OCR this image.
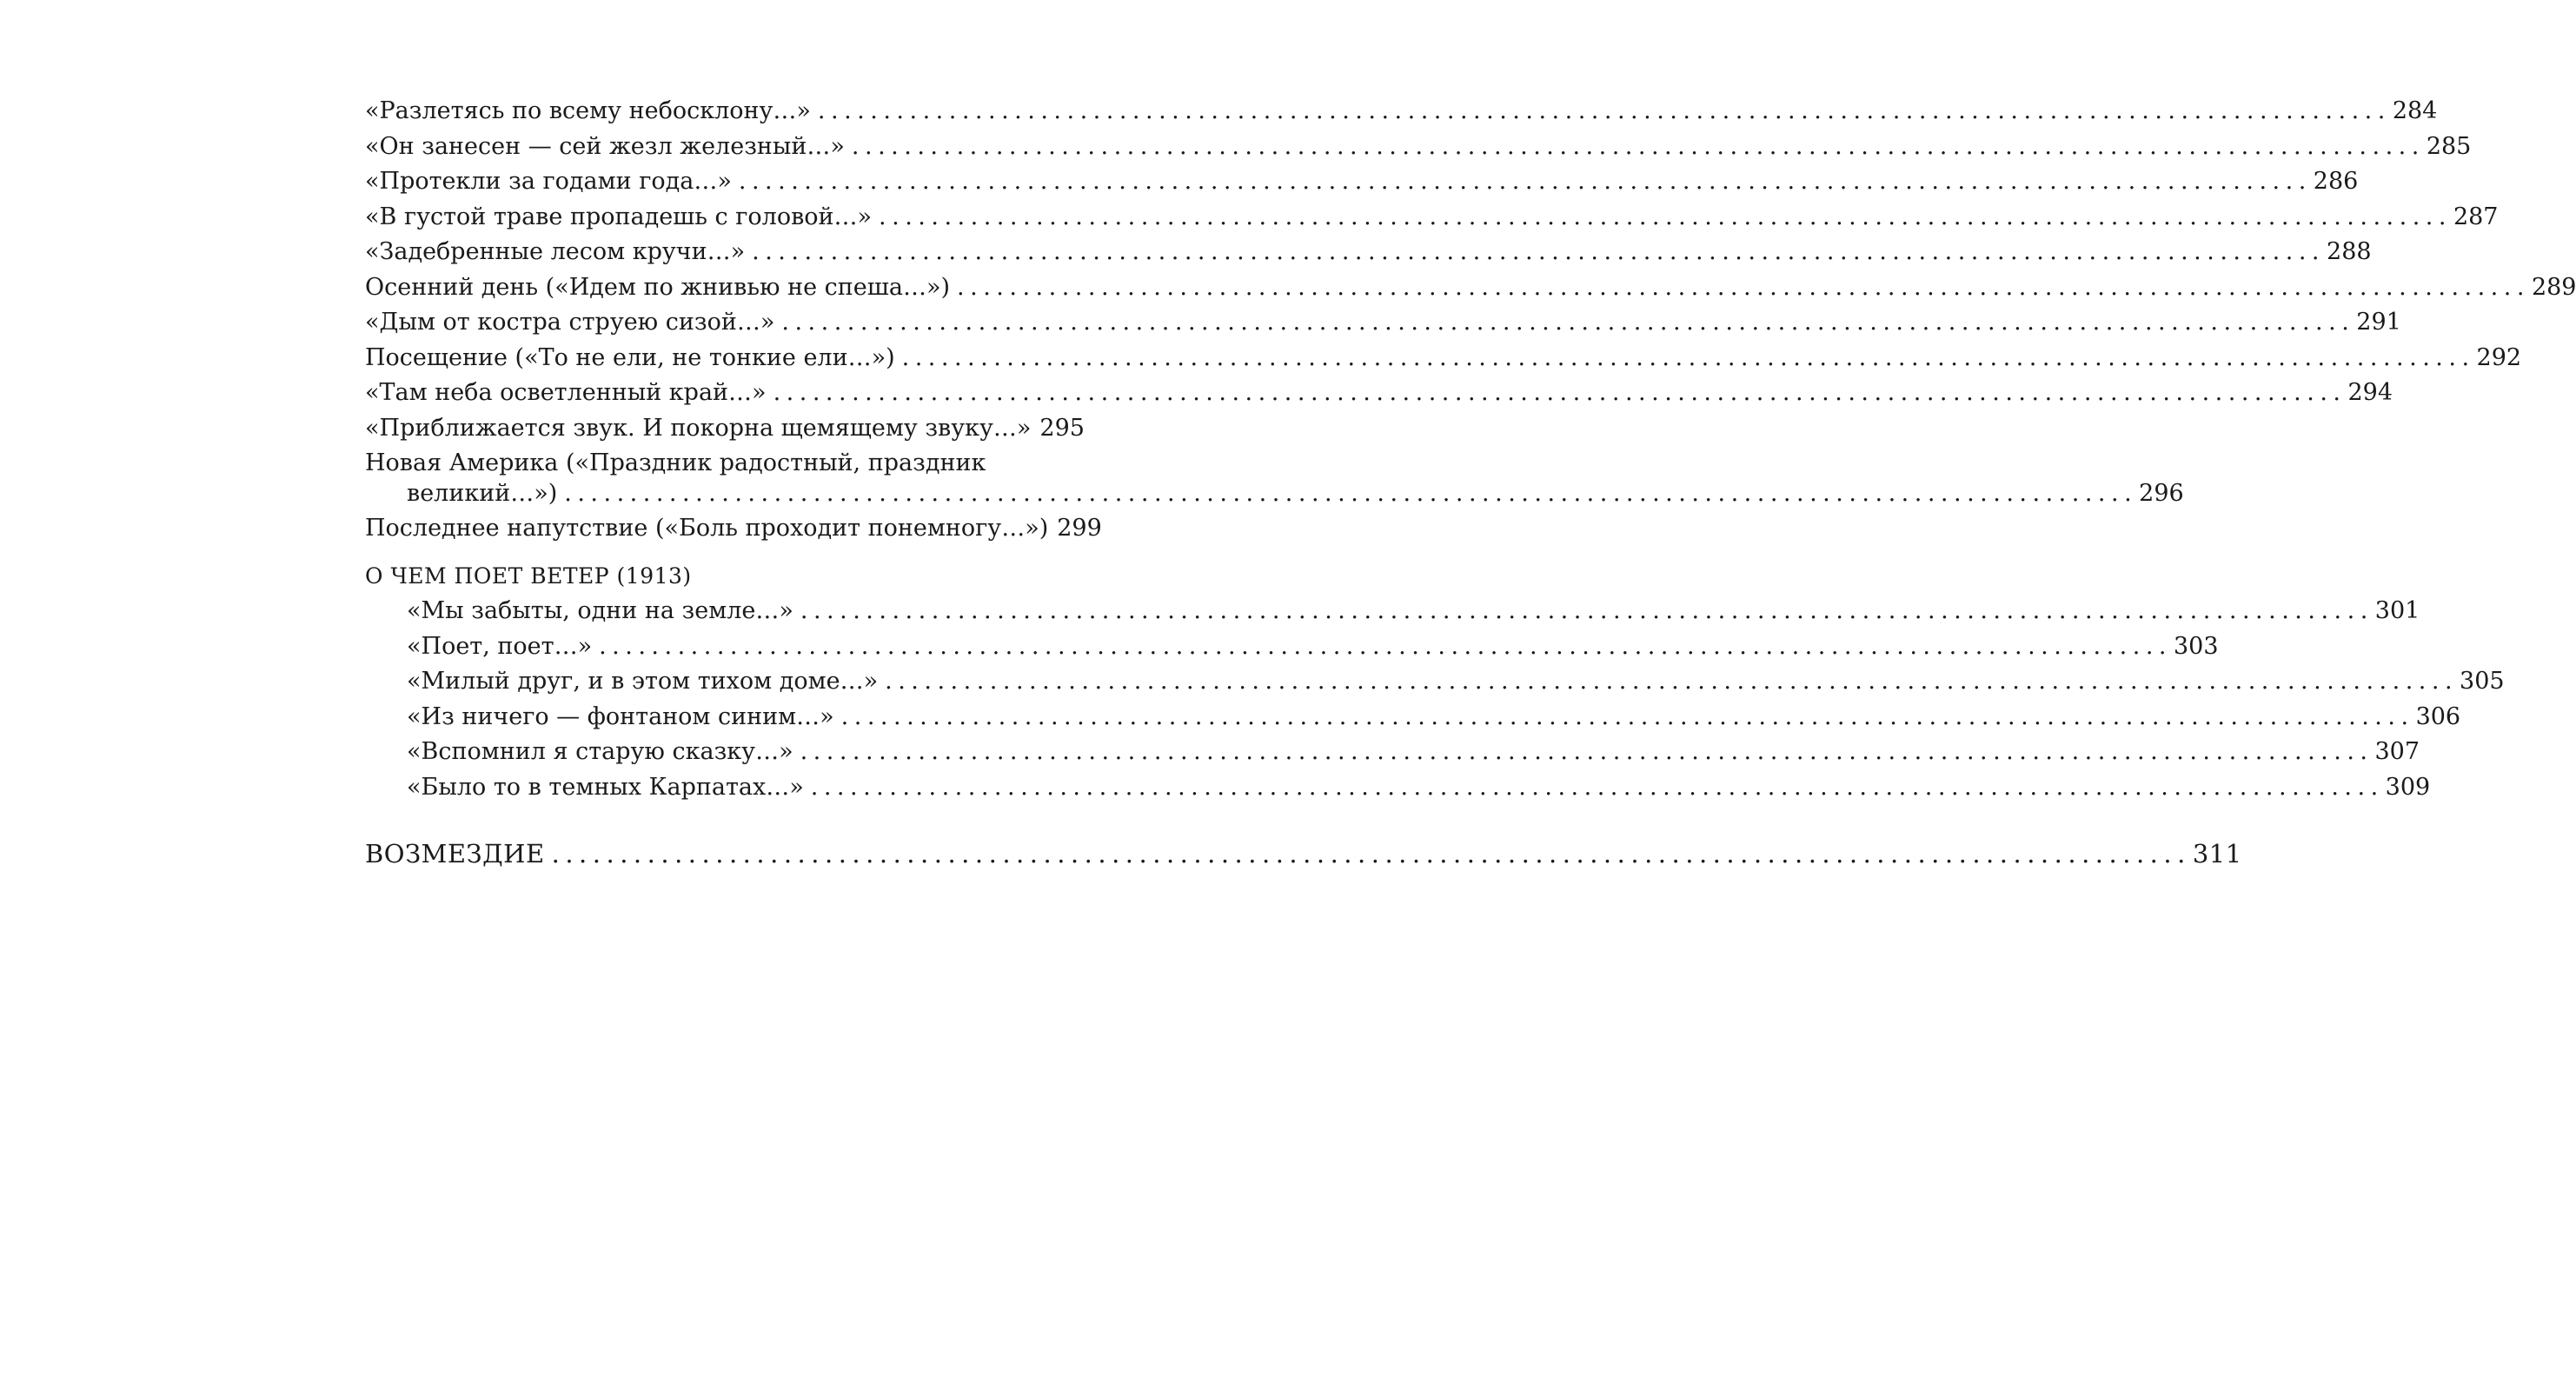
«Разлетясь по всему небосклону…» ........................................................................................................................ 284
«Он занесен — сей жезл железный…» ........................................................................................................................ 285
«Протекли за годами года…» ........................................................................................................................ 286
«В густой траве пропадешь с головой…» ........................................................................................................................ 287
«Задебренные лесом кручи…» ........................................................................................................................ 288
Осенний день («Идем по жнивью не спеша…») ........................................................................................................................ 289
«Дым от костра струею сизой…» ........................................................................................................................ 291
Посещение («То не ели, не тонкие ели…») ........................................................................................................................ 292
«Там неба осветленный край…» ........................................................................................................................ 294
«Приближается звук. И покорна щемящему звуку…» 295
Новая Америка («Праздник радостный, праздник
великий…») ........................................................................................................................ 296
Последнее напутствие («Боль проходит понемногу…») 299
О ЧЕМ ПОЕТ ВЕТЕР (1913)
«Мы забыты, одни на земле…» ........................................................................................................................ 301
«Поет, поет…» ........................................................................................................................ 303
«Милый друг, и в этом тихом доме…» ........................................................................................................................ 305
«Из ничего — фонтаном синим…» ........................................................................................................................ 306
«Вспомнил я старую сказку…» ........................................................................................................................ 307
«Было то в темных Карпатах…» ........................................................................................................................ 309
ВОЗМЕЗДИЕ ........................................................................................................................ 311
